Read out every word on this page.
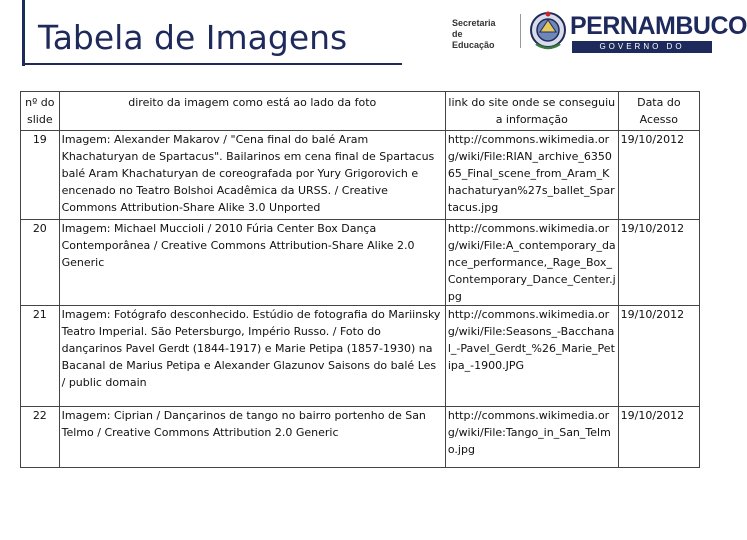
Tabela de Imagens	Secretaria
de
Educação
PERNAMBUCO
GOVERNO DO ESTADO
nº do slide	direito da imagem como está ao lado da foto	link do site onde se conseguiu a informação	Data do Acesso
19	Imagem: Alexander Makarov / "Cena final do balé Aram Khachaturyan de Spartacus". Bailarinos em cena final de Spartacus balé Aram Khachaturyan de coreografada por Yury Grigorovich e encenado no Teatro Bolshoi Acadêmica da URSS. / Creative Commons Attribution-Share Alike 3.0 Unported	http://commons.wikimedia.org/wiki/File:RIAN_archive_635065_Final_scene_from_Aram_Khachaturyan%27s_ballet_Spartacus.jpg	19/10/2012
20	Imagem: Michael Muccioli / 2010 Fúria Center Box Dança Contemporânea / Creative Commons Attribution-Share Alike 2.0 Generic	http://commons.wikimedia.org/wiki/File:A_contemporary_dance_performance,_Rage_Box_Contemporary_Dance_Center.jpg	19/10/2012
21	Imagem: Fotógrafo desconhecido. Estúdio de fotografia do Mariinsky Teatro Imperial. São Petersburgo, Império Russo. / Foto do dançarinos Pavel Gerdt (1844-1917) e Marie Petipa (1857-1930) na Bacanal de Marius Petipa e Alexander Glazunov Saisons do balé Les / public domain	http://commons.wikimedia.org/wiki/File:Seasons_-Bacchanal_-Pavel_Gerdt_%26_Marie_Petipa_-1900.JPG	19/10/2012
22	Imagem: Ciprian / Dançarinos de tango no bairro portenho de San Telmo / Creative Commons Attribution 2.0 Generic	http://commons.wikimedia.org/wiki/File:Tango_in_San_Telmo.jpg	19/10/2012
